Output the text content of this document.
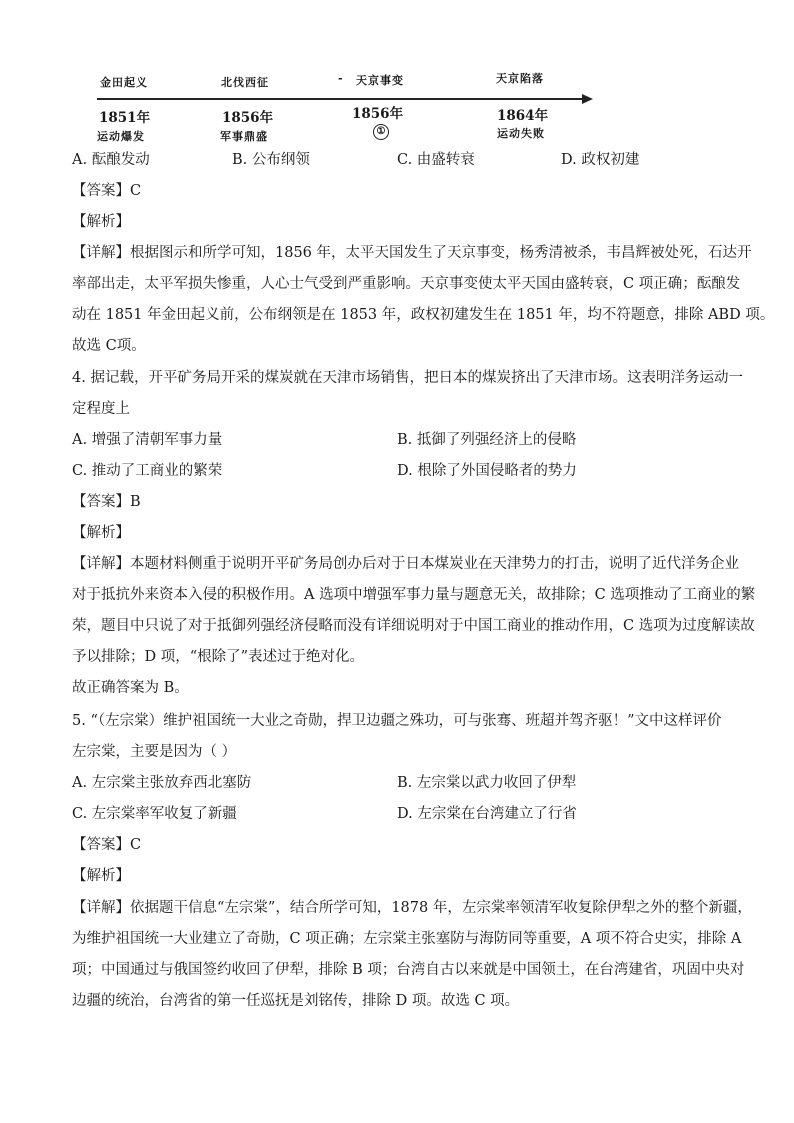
金田起义	北伐西征	- 天京事变	天京陷落
1851年	1856年	1856年	1864年
运动爆发	军事鼎盛	①	运动失败
A. 酝酿发动	B. 公布纲领	C. 由盛转衰	D. 政权初建
【答案】C
【解析】
【详解】根据图示和所学可知，1856 年，太平天国发生了天京事变，杨秀清被杀，韦昌辉被处死，石达开
率部出走，太平军损失惨重，人心士气受到严重影响。天京事变使太平天国由盛转衰，C 项正确；酝酿发
动在 1851 年金田起义前，公布纲领是在 1853 年，政权初建发生在 1851 年，均不符题意，排除 ABD 项。
故选 C项。
4. 据记载，开平矿务局开采的煤炭就在天津市场销售，把日本的煤炭挤出了天津市场。这表明洋务运动一
定程度上
A. 增强了清朝军事力量	B. 抵御了列强经济上的侵略
C. 推动了工商业的繁荣	D. 根除了外国侵略者的势力
【答案】B
【解析】
【详解】本题材料侧重于说明开平矿务局创办后对于日本煤炭业在天津势力的打击，说明了近代洋务企业
对于抵抗外来资本入侵的积极作用。A 选项中增强军事力量与题意无关，故排除；C 选项推动了工商业的繁
荣，题目中只说了对于抵御列强经济侵略而没有详细说明对于中国工商业的推动作用，C 选项为过度解读故
予以排除；D 项，“根除了”表述过于绝对化。
故正确答案为 B。
5. “（左宗棠）维护祖国统一大业之奇勋，捍卫边疆之殊功，可与张骞、班超并驾齐驱！”文中这样评价
左宗棠，主要是因为（ ）
A. 左宗棠主张放弃西北塞防	B. 左宗棠以武力收回了伊犁
C. 左宗棠率军收复了新疆	D. 左宗棠在台湾建立了行省
【答案】C
【解析】
【详解】依据题干信息“左宗棠”，结合所学可知，1878 年，左宗棠率领清军收复除伊犁之外的整个新疆，
为维护祖国统一大业建立了奇勋，C 项正确；左宗棠主张塞防与海防同等重要，A 项不符合史实，排除 A
项；中国通过与俄国签约收回了伊犁，排除 B 项；台湾自古以来就是中国领土，在台湾建省，巩固中央对
边疆的统治，台湾省的第一任巡抚是刘铭传，排除 D 项。故选 C 项。
